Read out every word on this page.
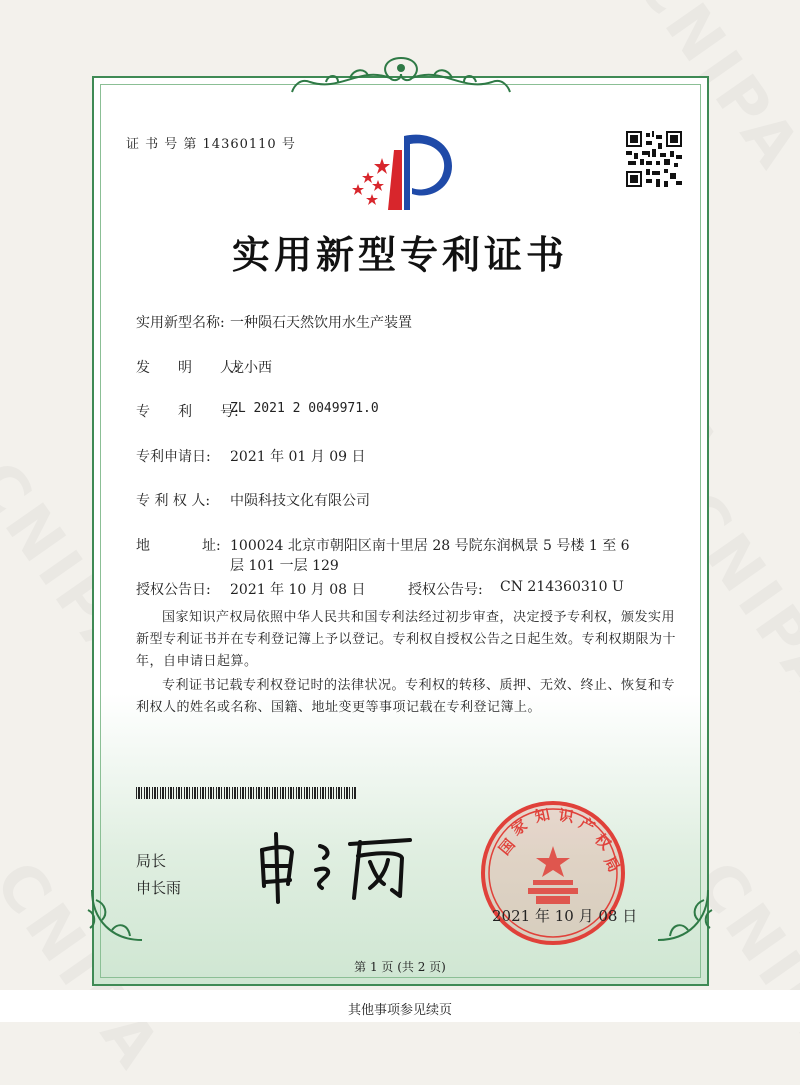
证 书 号 第 14360110 号
实用新型专利证书
实用新型名称: 一种陨石天然饮用水生产装置
发　　明　　人:
龙小西
专　　利　　号:
ZL 2021 2 0049971.0
专利申请日: 2021 年 01 月 09 日
专 利 权 人: 中陨科技文化有限公司
地	址: 100024 北京市朝阳区南十里居 28 号院东润枫景 5 号楼 1 至 6
层 101 一层 129
授权公告日: 2021 年 10 月 08 日	授权公告号: CN 214360310 U
国家知识产权局依照中华人民共和国专利法经过初步审查，决定授予专利权，颁发实用新型专利证书并在专利登记簿上予以登记。专利权自授权公告之日起生效。专利权期限为十年，自申请日起算。
专利证书记载专利权登记时的法律状况。专利权的转移、质押、无效、终止、恢复和专利权人的姓名或名称、国籍、地址变更等事项记载在专利登记簿上。
局长
申长雨
国
家
知 识 产
权
局
2021 年 10 月 08 日
第 1 页 (共 2 页)
其他事项参见续页
